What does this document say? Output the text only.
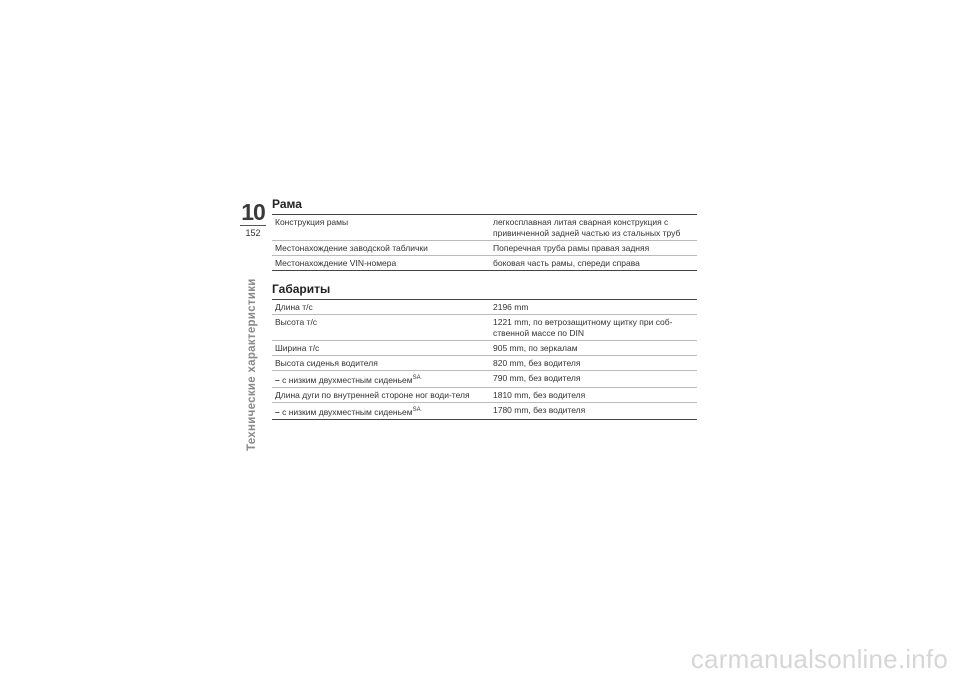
10
152
Технические характеристики
Рама
Конструкция рамы	легкосплавная литая сварная конструкция с привинченной задней частью из стальных труб
Местонахождение заводской таблички	Поперечная труба рамы правая задняя
Местонахождение VIN-номера	боковая часть рамы, спереди справа
Габариты
Длина т/с	2196 mm
Высота т/с	1221 mm, по ветрозащитному щитку при соб-ственной массе по DIN
Ширина т/с	905 mm, по зеркалам
Высота сиденья водителя	820 mm, без водителя
– с низким двухместным сиденьем$^{SA}$	790 mm, без водителя
Длина дуги по внутренней стороне ног води-теля	1810 mm, без водителя
– с низким двухместным сиденьем$^{SA}$	1780 mm, без водителя
carmanualsonline.info
